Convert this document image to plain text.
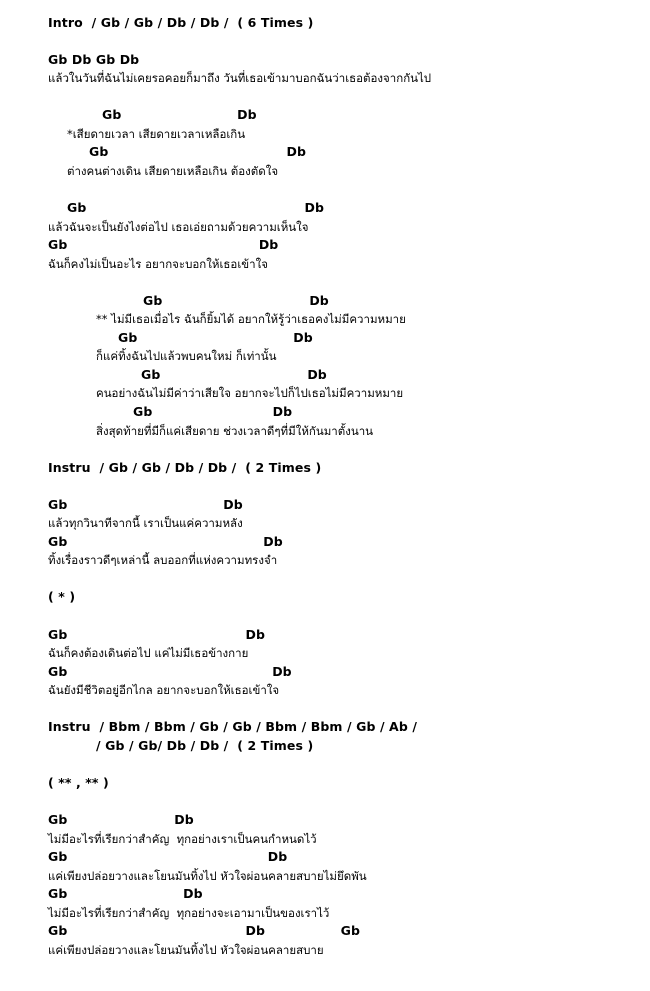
Intro  / Gb / Gb / Db / Db /  ( 6 Times )
Gb Db Gb Db
แล้วในวันที่ฉันไม่เคยรอคอยก็มาถึง วันที่เธอเข้ามาบอกฉันว่าเธอต้องจากกันไป
Gb                          Db
*เสียดายเวลา เสียดายเวลาเหลือเกิน
Gb                                        Db
ต่างคนต่างเดิน เสียดายเหลือเกิน ต้องตัดใจ
Gb                                                 Db
แล้วฉันจะเป็นยังไงต่อไป เธอเอ่ยถามด้วยความเห็นใจ
Gb                                           Db
ฉันก็คงไม่เป็นอะไร อยากจะบอกให้เธอเข้าใจ
Gb                                 Db
** ไม่มีเธอเมื่อไร ฉันก็ยิ้มได้ อยากให้รู้ว่าเธอคงไม่มีความหมาย
Gb                                   Db
ก็แค่ทิ้งฉันไปแล้วพบคนใหม่ ก็เท่านั้น
Gb                                 Db
คนอย่างฉันไม่มีค่าว่าเสียใจ อยากจะไปก็ไปเธอไม่มีความหมาย
Gb                           Db
สิ่งสุดท้ายที่มีก็แค่เสียดาย ช่วงเวลาดีๆที่มีให้กันมาตั้งนาน
Instru  / Gb / Gb / Db / Db /  ( 2 Times )
Gb                                   Db
แล้วทุกวินาทีจากนี้ เราเป็นแค่ความหลัง
Gb                                            Db
ทิ้งเรื่องราวดีๆเหล่านี้ ลบออกที่แห่งความทรงจำ
( * )
Gb                                        Db
ฉันก็คงต้องเดินต่อไป แค่ไม่มีเธอข้างกาย
Gb                                              Db
ฉันยังมีชีวิตอยู่อีกไกล อยากจะบอกให้เธอเข้าใจ
Instru  / Bbm / Bbm / Gb / Gb / Bbm / Bbm / Gb / Ab /
/ Gb / Gb/ Db / Db /  ( 2 Times )
( ** , ** )
Gb                        Db
ไม่มีอะไรที่เรียกว่าสำคัญ  ทุกอย่างเราเป็นคนกำหนดไว้
Gb                                             Db
แค่เพียงปล่อยวางและโยนมันทิ้งไป หัวใจผ่อนคลายสบายไม่ยึดพัน
Gb                          Db
ไม่มีอะไรที่เรียกว่าสำคัญ  ทุกอย่างจะเอามาเป็นของเราไว้
Gb                                        Db                 Gb
แค่เพียงปล่อยวางและโยนมันทิ้งไป หัวใจผ่อนคลายสบาย
